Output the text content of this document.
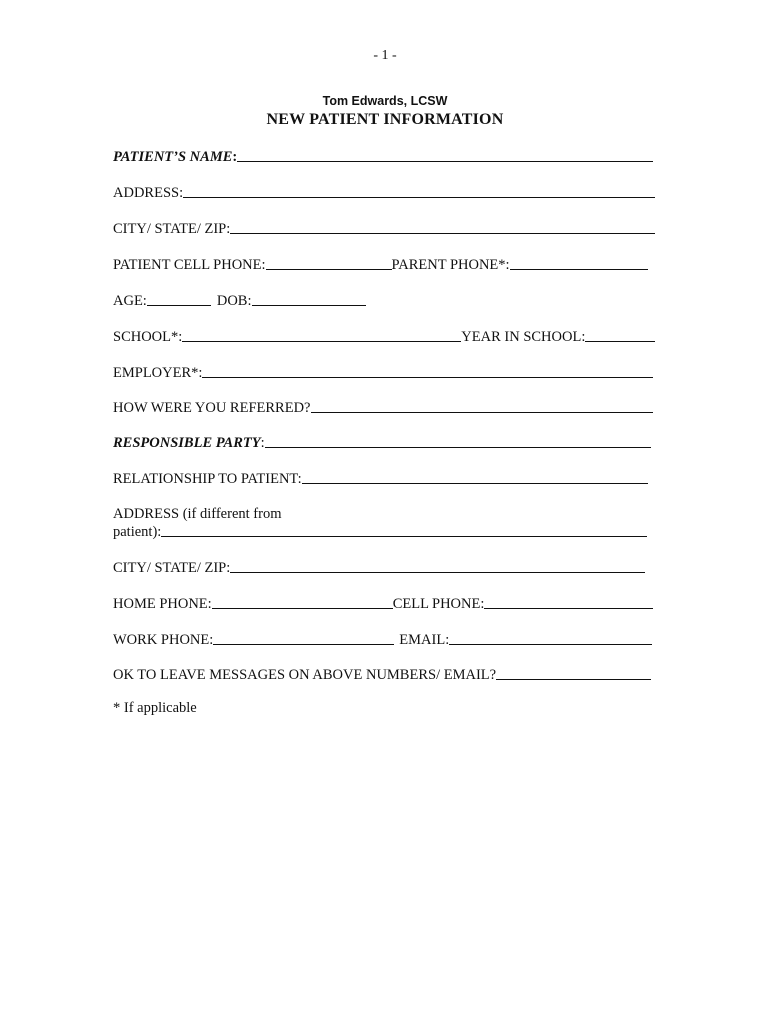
- 1 -
Tom Edwards, LCSW
NEW PATIENT INFORMATION
PATIENT’S NAME :
ADDRESS:
CITY/ STATE/ ZIP:
PATIENT CELL PHONE:	PARENT PHONE*:
AGE:	DOB:
SCHOOL*:	YEAR IN SCHOOL:
EMPLOYER*:
HOW WERE YOU REFERRED?
RESPONSIBLE PARTY :
RELATIONSHIP TO PATIENT:
ADDRESS (if different from
patient):
CITY/ STATE/ ZIP:
HOME PHONE:	CELL PHONE:
WORK PHONE:	EMAIL:
OK TO LEAVE MESSAGES ON ABOVE NUMBERS/ EMAIL?
* If applicable
